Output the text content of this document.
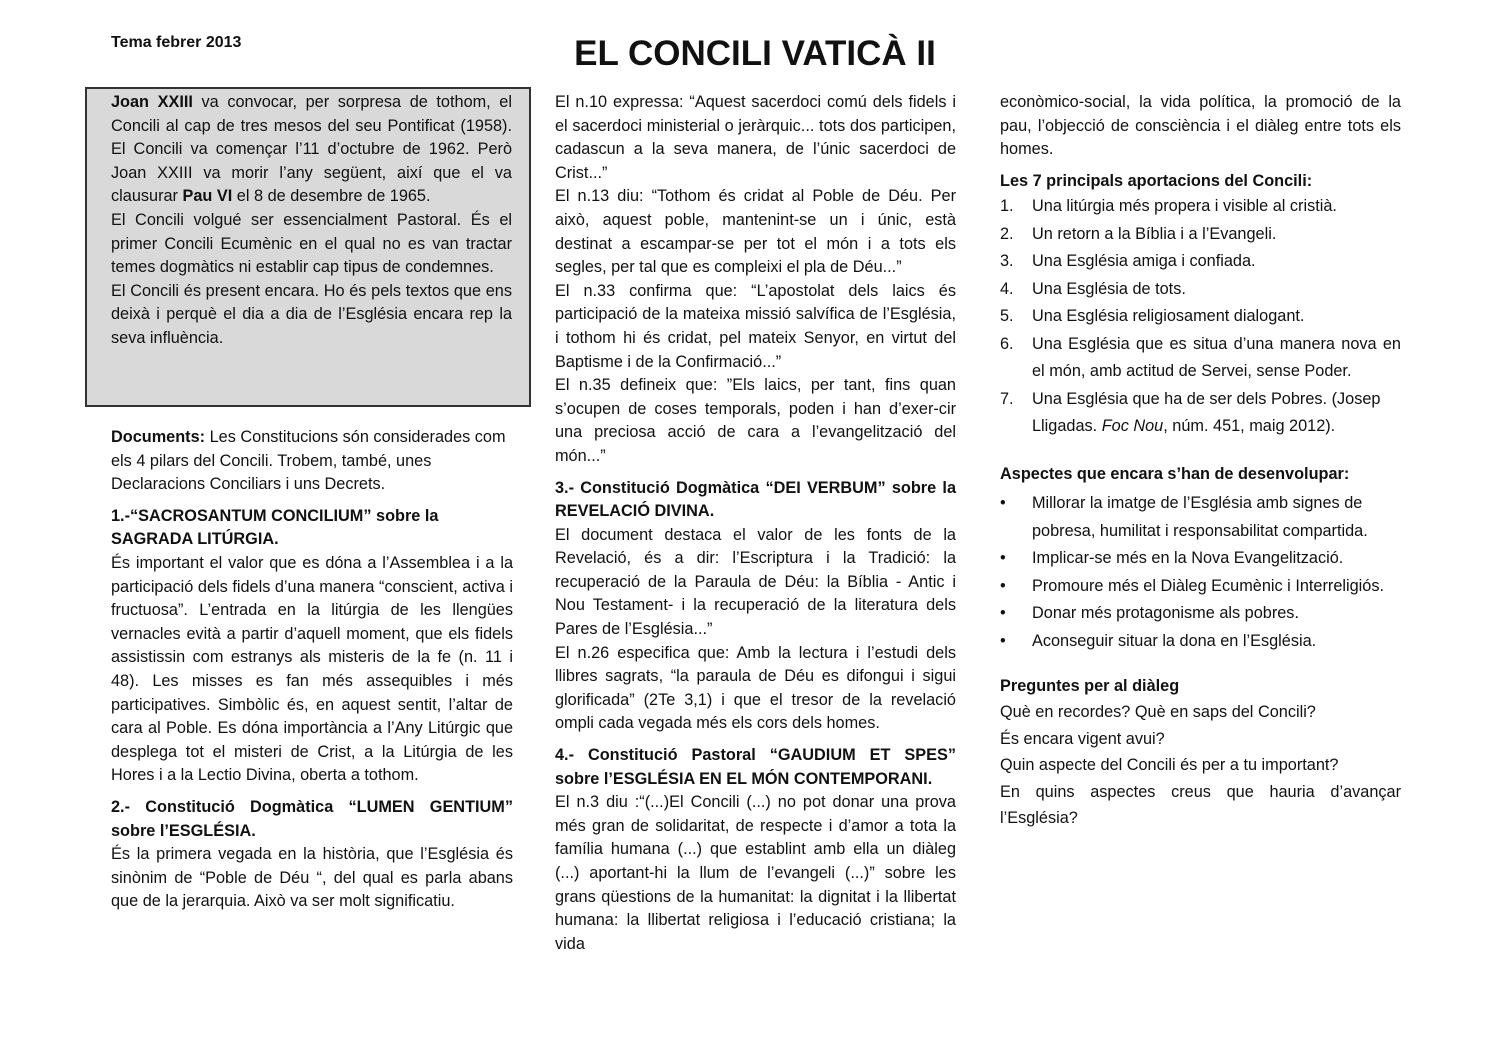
Tema febrer 2013	EL CONCILI VATICÀ II

Joan XXIII va convocar, per sorpresa de tothom, el Concili al cap de tres mesos del seu Pontificat (1958). El Concili va començar l’11 d’octubre de 1962. Però Joan XXIII va morir l’any següent, així que el va clausurar Pau VI el 8 de desembre de 1965.

El Concili volgué ser essencialment Pastoral. És el primer Concili Ecumènic en el qual no es van tractar temes dogmàtics ni establir cap tipus de condemnes.

El Concili és present encara. Ho és pels textos que ens deixà i perquè el dia a dia de l’Església encara rep la seva influència.

Documents: Les Constitucions són considerades com els 4 pilars del Concili. Trobem, també, unes Declaracions Conciliars i uns Decrets.

1.-“SACROSANTUM CONCILIUM” sobre la SAGRADA LITÚRGIA.

És important el valor que es dóna a l’Assemblea i a la participació dels fidels d’una manera “conscient, activa i fructuosa”. L’entrada en la litúrgia de les llengües vernacles evità a partir d’aquell moment, que els fidels assistissin com estranys als misteris de la fe (n. 11 i 48). Les misses es fan més assequibles i més participatives. Simbòlic és, en aquest sentit, l’altar de cara al Poble. Es dóna importància a l’Any Litúrgic que desplega tot el misteri de Crist, a la Litúrgia de les Hores i a la Lectio Divina, oberta a tothom.

2.- Constitució Dogmàtica “LUMEN GENTIUM” sobre l’ESGLÉSIA.

És la primera vegada en la història, que l’Església és sinònim de “Poble de Déu “, del qual es parla abans que de la jerarquia. Això va ser molt significatiu.

El n.10 expressa: “Aquest sacerdoci comú dels fidels i el sacerdoci ministerial o jeràrquic... tots dos participen, cadascun a la seva manera, de l’únic sacerdoci de Crist...”

El n.13 diu: “Tothom és cridat al Poble de Déu. Per això, aquest poble, mantenint-se un i únic, està destinat a escampar-se per tot el món i a tots els segles, per tal que es compleixi el pla de Déu...”

El n.33 confirma que: “L’apostolat dels laics és participació de la mateixa missió salvífica de l’Església, i tothom hi és cridat, pel mateix Senyor, en virtut del Baptisme i de la Confirmació...”

El n.35 defineix que: ”Els laics, per tant, fins quan s’ocupen de coses temporals, poden i han d’exer-cir una preciosa acció de cara a l’evangelització del món...”

3.- Constitució Dogmàtica “DEI VERBUM” sobre la REVELACIÓ DIVINA.

El document destaca el valor de les fonts de la Revelació, és a dir: l’Escriptura i la Tradició: la recuperació de la Paraula de Déu: la Bíblia - Antic i Nou Testament- i la recuperació de la literatura dels Pares de l’Església...”

El n.26 especifica que: Amb la lectura i l’estudi dels llibres sagrats, “la paraula de Déu es difongui i sigui glorificada” (2Te 3,1) i que el tresor de la revelació ompli cada vegada més els cors dels homes.

4.- Constitució Pastoral “GAUDIUM ET SPES” sobre l’ESGLÉSIA EN EL MÓN CONTEMPORANI.

El n.3 diu :“(...)El Concili (...) no pot donar una prova més gran de solidaritat, de respecte i d’amor a tota la família humana (...) que establint amb ella un diàleg (...) aportant-hi la llum de l’evangeli (...)” sobre les grans qüestions de la humanitat: la dignitat i la llibertat humana: la llibertat religiosa i l’educació cristiana; la vida

econòmico-social, la vida política, la promoció de la pau, l’objecció de consciència i el diàleg entre tots els homes.

Les 7 principals aportacions del Concili:

1. Una litúrgia més propera i visible al cristià.
2. Un retorn a la Bíblia i a l’Evangeli.
3. Una Església amiga i confiada.
4. Una Església de tots.
5. Una Església religiosament dialogant.
6. Una Església que es situa d’una manera nova en el món, amb actitud de Servei, sense Poder.
7. Una Església que ha de ser dels Pobres. (Josep Lligadas. Foc Nou, núm. 451, maig 2012).

Aspectes que encara s’han de desenvolupar:

• Millorar la imatge de l’Església amb signes de pobresa, humilitat i responsabilitat compartida.
• Implicar-se més en la Nova Evangelització.
• Promoure més el Diàleg Ecumènic i Interreligiós.
• Donar més protagonisme als pobres.
• Aconseguir situar la dona en l’Església.

Preguntes per al diàleg

Què en recordes? Què en saps del Concili?

És encara vigent avui?

Quin aspecte del Concili és per a tu important?

En quins aspectes creus que hauria d’avançar l’Església?
